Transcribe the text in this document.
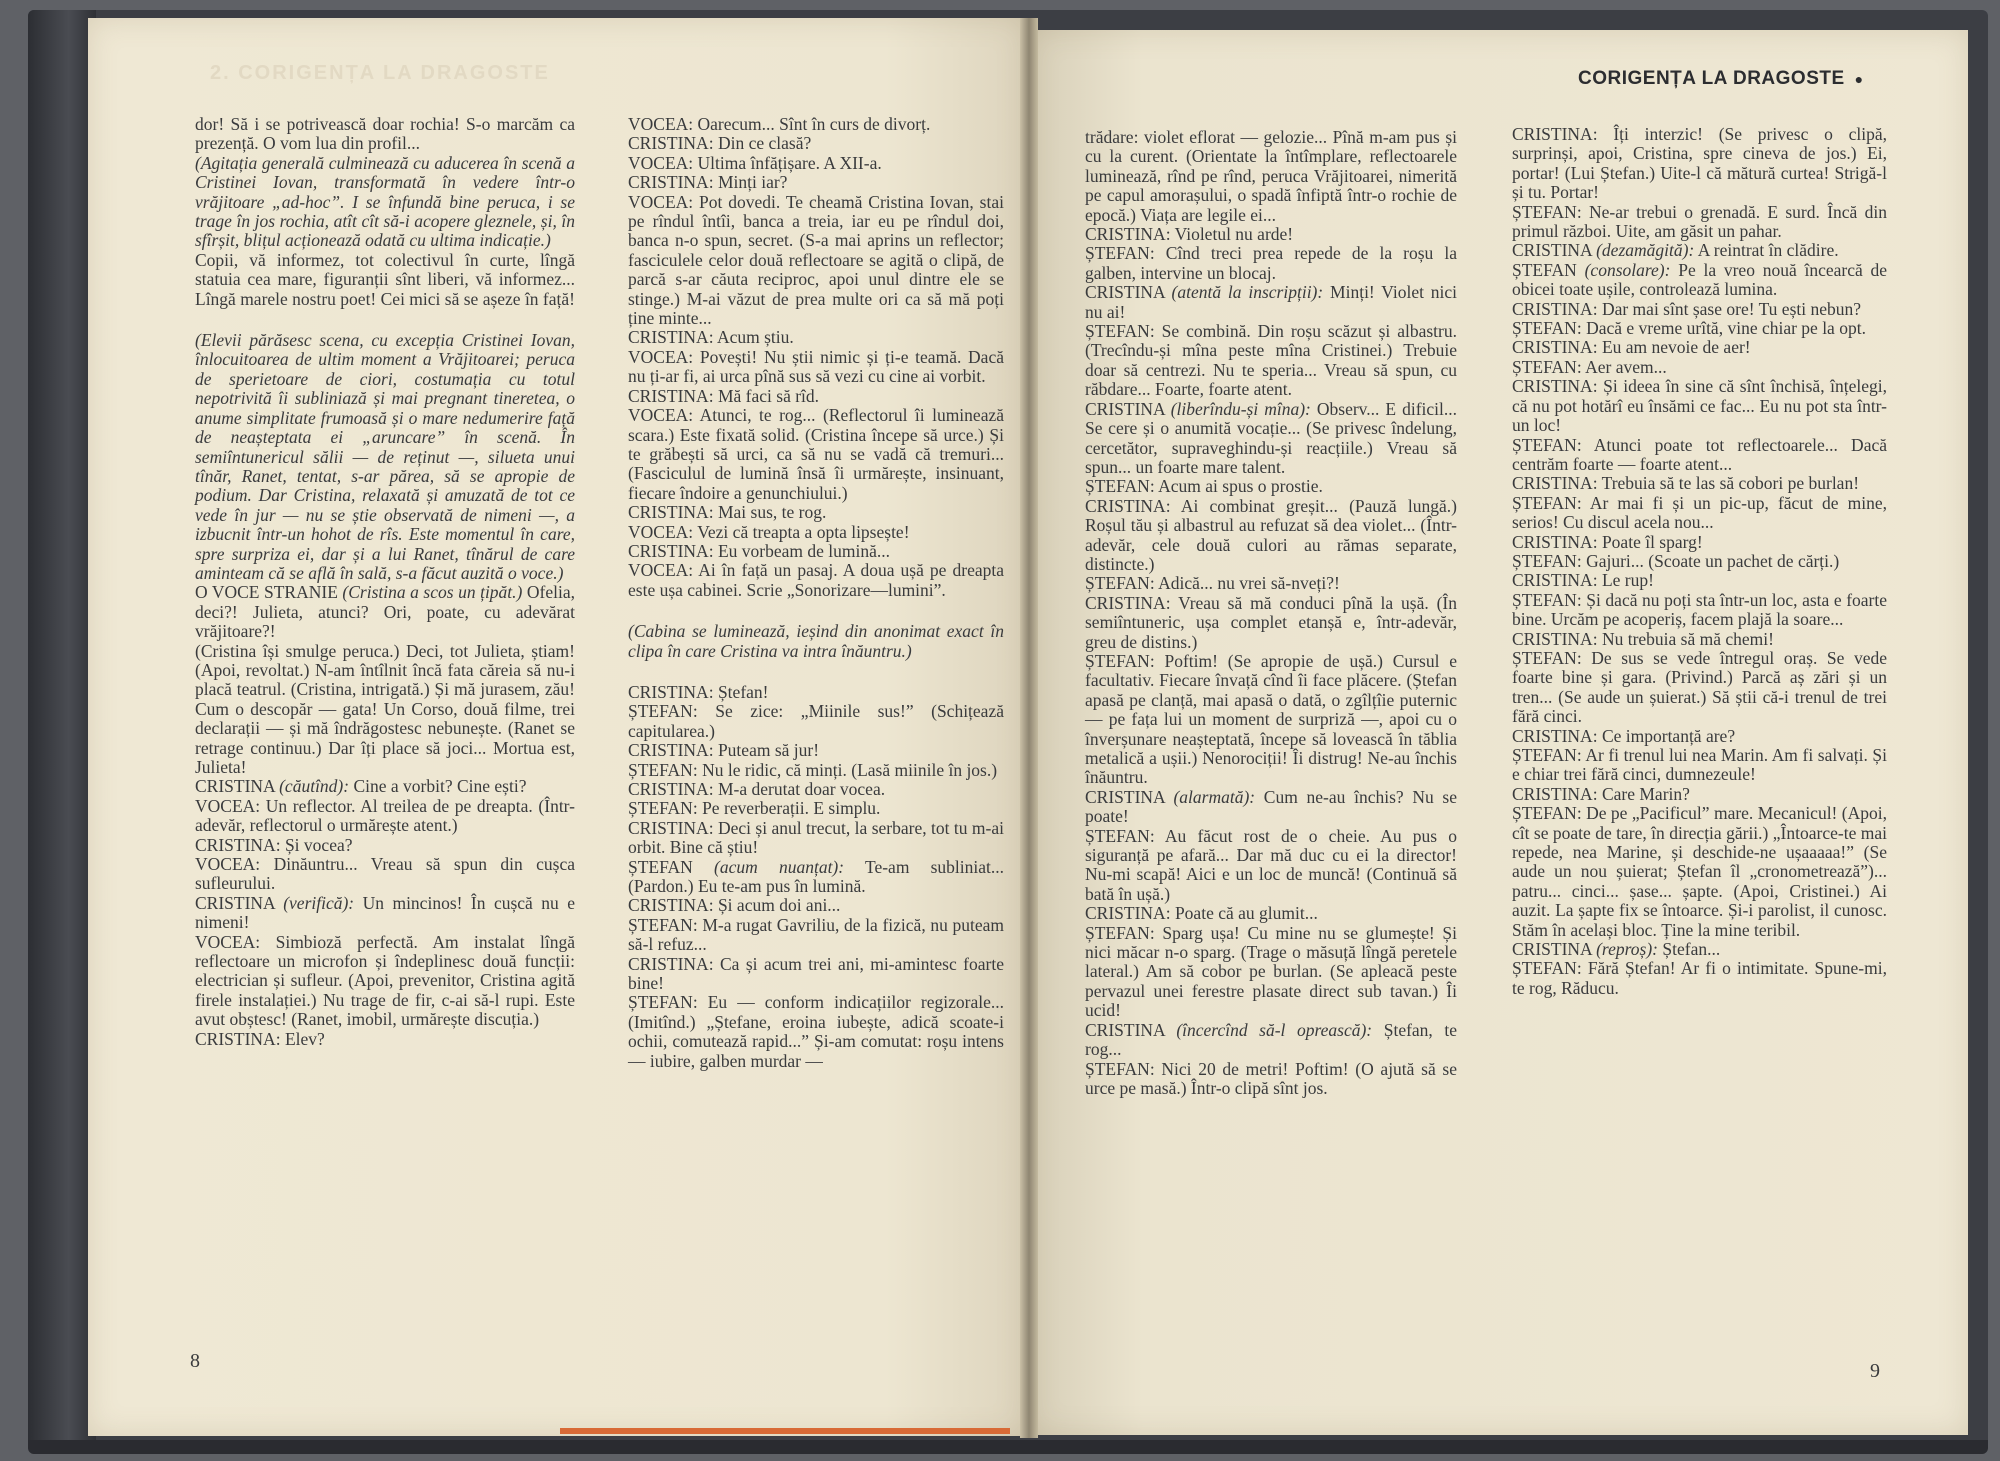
2. CORIGENȚA LA DRAGOSTE	CORIGENȚA LA DRAGOSTE ●

dor! Să i se potrivească doar rochia! S-o marcăm ca prezență. O vom lua din profil...

(Agitația generală culminează cu aducerea în scenă a Cristinei Iovan, transformată în vedere într-o vrăjitoare „ad-hoc”. I se înfundă bine peruca, i se trage în jos rochia, atît cît să-i acopere gleznele, și, în sfîrșit, blițul acționează odată cu ultima indicație.)

Copii, vă informez, tot colectivul în curte, lîngă statuia cea mare, figuranții sînt liberi, vă informez... Lîngă marele nostru poet! Cei mici să se așeze în față!

(Elevii părăsesc scena, cu excepția Cristinei Iovan, înlocuitoarea de ultim moment a Vrăjitoarei; peruca de sperietoare de ciori, costumația cu totul nepotrivită îi subliniază și mai pregnant tineretea, o anume simplitate frumoasă și o mare nedumerire față de neașteptata ei „aruncare” în scenă. În semiîntunericul sălii — de reținut —, silueta unui tînăr, Ranet, tentat, s-ar părea, să se apropie de podium. Dar Cristina, relaxată și amuzată de tot ce vede în jur — nu se știe observată de nimeni —, a izbucnit într-un hohot de rîs. Este momentul în care, spre surpriza ei, dar și a lui Ranet, tînărul de care aminteam că se află în sală, s-a făcut auzită o voce.)

O VOCE STRANIE (Cristina a scos un țipăt.) Ofelia, deci?! Julieta, atunci? Ori, poate, cu adevărat vrăjitoare?!

(Cristina își smulge peruca.) Deci, tot Julieta, știam! (Apoi, revoltat.) N-am întîlnit încă fata căreia să nu-i placă teatrul. (Cristina, intrigată.) Și mă jurasem, zău! Cum o descopăr — gata! Un Corso, două filme, trei declarații — și mă îndrăgostesc nebunește. (Ranet se retrage continuu.) Dar îți place să joci... Mortua est, Julieta!

CRISTINA (căutînd): Cine a vorbit? Cine ești?

VOCEA: Un reflector. Al treilea de pe dreapta. (Într-adevăr, reflectorul o urmărește atent.)

CRISTINA: Și vocea?

VOCEA: Dinăuntru... Vreau să spun din cușca sufleurului.

CRISTINA (verifică): Un mincinos! În cușcă nu e nimeni!

VOCEA: Simbioză perfectă. Am instalat lîngă reflectoare un microfon și îndeplinesc două funcții: electrician și sufleur. (Apoi, prevenitor, Cristina agită firele instalației.) Nu trage de fir, c-ai să-l rupi. Este avut obștesc! (Ranet, imobil, urmărește discuția.)

CRISTINA: Elev?

VOCEA: Oarecum... Sînt în curs de divorț.

CRISTINA: Din ce clasă?

VOCEA: Ultima înfățișare. A XII-a.

CRISTINA: Minți iar?

VOCEA: Pot dovedi. Te cheamă Cristina Iovan, stai pe rîndul întîi, banca a treia, iar eu pe rîndul doi, banca n-o spun, secret. (S-a mai aprins un reflector; fasciculele celor două reflectoare se agită o clipă, de parcă s-ar căuta reciproc, apoi unul dintre ele se stinge.) M-ai văzut de prea multe ori ca să mă poți ține minte...

CRISTINA: Acum știu.

VOCEA: Povești! Nu știi nimic și ți-e teamă. Dacă nu ți-ar fi, ai urca pînă sus să vezi cu cine ai vorbit.

CRISTINA: Mă faci să rîd.

VOCEA: Atunci, te rog... (Reflectorul îi luminează scara.) Este fixată solid. (Cristina începe să urce.) Și te grăbești să urci, ca să nu se vadă că tremuri... (Fasciculul de lumină însă îi urmărește, insinuant, fiecare îndoire a genunchiului.)

CRISTINA: Mai sus, te rog.

VOCEA: Vezi că treapta a opta lipsește!

CRISTINA: Eu vorbeam de lumină...

VOCEA: Ai în față un pasaj. A doua ușă pe dreapta este ușa cabinei. Scrie „Sonorizare—lumini”.

(Cabina se luminează, ieșind din anonimat exact în clipa în care Cristina va intra înăuntru.)

CRISTINA: Ștefan!

ȘTEFAN: Se zice: „Miinile sus!” (Schițează capitularea.)

CRISTINA: Puteam să jur!

ȘTEFAN: Nu le ridic, că minți. (Lasă miinile în jos.)

CRISTINA: M-a derutat doar vocea.

ȘTEFAN: Pe reverberații. E simplu.

CRISTINA: Deci și anul trecut, la serbare, tot tu m-ai orbit. Bine că știu!

ȘTEFAN (acum nuanțat): Te-am subliniat... (Pardon.) Eu te-am pus în lumină.

CRISTINA: Și acum doi ani...

ȘTEFAN: M-a rugat Gavriliu, de la fizică, nu puteam să-l refuz...

CRISTINA: Ca și acum trei ani, mi-amintesc foarte bine!

ȘTEFAN: Eu — conform indicațiilor regizorale... (Imitînd.) „Ștefane, eroina iubește, adică scoate-i ochii, comutează rapid...” Și-am comutat: roșu intens — iubire, galben murdar —

trădare: violet eflorat — gelozie... Pînă m-am pus și cu la curent. (Orientate la întîmplare, reflectoarele luminează, rînd pe rînd, peruca Vrăjitoarei, nimerită pe capul amorașului, o spadă înfiptă într-o rochie de epocă.) Viața are legile ei...

CRISTINA: Violetul nu arde!

ȘTEFAN: Cînd treci prea repede de la roșu la galben, intervine un blocaj.

CRISTINA (atentă la inscripții): Minți! Violet nici nu ai!

ȘTEFAN: Se combină. Din roșu scăzut și albastru. (Trecîndu-și mîna peste mîna Cristinei.) Trebuie doar să centrezi. Nu te speria... Vreau să spun, cu răbdare... Foarte, foarte atent.

CRISTINA (liberîndu-și mîna): Observ... E dificil... Se cere și o anumită vocație... (Se privesc îndelung, cercetător, supraveghindu-și reacțiile.) Vreau să spun... un foarte mare talent.

ȘTEFAN: Acum ai spus o prostie.

CRISTINA: Ai combinat greșit... (Pauză lungă.) Roșul tău și albastrul au refuzat să dea violet... (Într-adevăr, cele două culori au rămas separate, distincte.)

ȘTEFAN: Adică... nu vrei să-nveți?!

CRISTINA: Vreau să mă conduci pînă la ușă. (În semiîntuneric, ușa complet etanșă e, într-adevăr, greu de distins.)

ȘTEFAN: Poftim! (Se apropie de ușă.) Cursul e facultativ. Fiecare învață cînd îi face plăcere. (Ștefan apasă pe clanță, mai apasă o dată, o zgîlțîie puternic — pe fața lui un moment de surpriză —, apoi cu o înverșunare neașteptată, începe să lovească în tăblia metalică a ușii.) Nenorociții! Îi distrug! Ne-au închis înăuntru.

CRISTINA (alarmată): Cum ne-au închis? Nu se poate!

ȘTEFAN: Au făcut rost de o cheie. Au pus o siguranță pe afară... Dar mă duc cu ei la director! Nu-mi scapă! Aici e un loc de muncă! (Continuă să bată în ușă.)

CRISTINA: Poate că au glumit...

ȘTEFAN: Sparg ușa! Cu mine nu se glumește! Și nici măcar n-o sparg. (Trage o măsuță lîngă peretele lateral.) Am să cobor pe burlan. (Se apleacă peste pervazul unei ferestre plasate direct sub tavan.) Îi ucid!

CRISTINA (încercînd să-l oprească): Ștefan, te rog...

ȘTEFAN: Nici 20 de metri! Poftim! (O ajută să se urce pe masă.) Într-o clipă sînt jos.

CRISTINA: Îți interzic! (Se privesc o clipă, surprinși, apoi, Cristina, spre cineva de jos.) Ei, portar! (Lui Ștefan.) Uite-l că mătură curtea! Strigă-l și tu. Portar!

ȘTEFAN: Ne-ar trebui o grenadă. E surd. Încă din primul război. Uite, am găsit un pahar.

CRISTINA (dezamăgită): A reintrat în clădire.

ȘTEFAN (consolare): Pe la vreo nouă încearcă de obicei toate ușile, controlează lumina.

CRISTINA: Dar mai sînt șase ore! Tu ești nebun?

ȘTEFAN: Dacă e vreme urîtă, vine chiar pe la opt.

CRISTINA: Eu am nevoie de aer!

ȘTEFAN: Aer avem...

CRISTINA: Și ideea în sine că sînt închisă, înțelegi, că nu pot hotărî eu însămi ce fac... Eu nu pot sta într-un loc!

ȘTEFAN: Atunci poate tot reflectoarele... Dacă centrăm foarte — foarte atent...

CRISTINA: Trebuia să te las să cobori pe burlan!

ȘTEFAN: Ar mai fi și un pic-up, făcut de mine, serios! Cu discul acela nou...

CRISTINA: Poate îl sparg!

ȘTEFAN: Gajuri... (Scoate un pachet de cărți.)

CRISTINA: Le rup!

ȘTEFAN: Și dacă nu poți sta într-un loc, asta e foarte bine. Urcăm pe acoperiș, facem plajă la soare...

CRISTINA: Nu trebuia să mă chemi!

ȘTEFAN: De sus se vede întregul oraș. Se vede foarte bine și gara. (Privind.) Parcă aș zări și un tren... (Se aude un șuierat.) Să știi că-i trenul de trei fără cinci.

CRISTINA: Ce importanță are?

ȘTEFAN: Ar fi trenul lui nea Marin. Am fi salvați. Și e chiar trei fără cinci, dumnezeule!

CRISTINA: Care Marin?

ȘTEFAN: De pe „Pacificul” mare. Mecanicul! (Apoi, cît se poate de tare, în direcția gării.) „Întoarce-te mai repede, nea Marine, și deschide-ne ușaaaaa!” (Se aude un nou șuierat; Ștefan îl „cronometrează”)... patru... cinci... șase... șapte. (Apoi, Cristinei.) Ai auzit. La șapte fix se întoarce. Și-i parolist, il cunosc. Stăm în același bloc. Ține la mine teribil.

CRISTINA (reproș): Ștefan...

ȘTEFAN: Fără Ștefan! Ar fi o intimitate. Spune-mi, te rog, Răducu.

8	9
